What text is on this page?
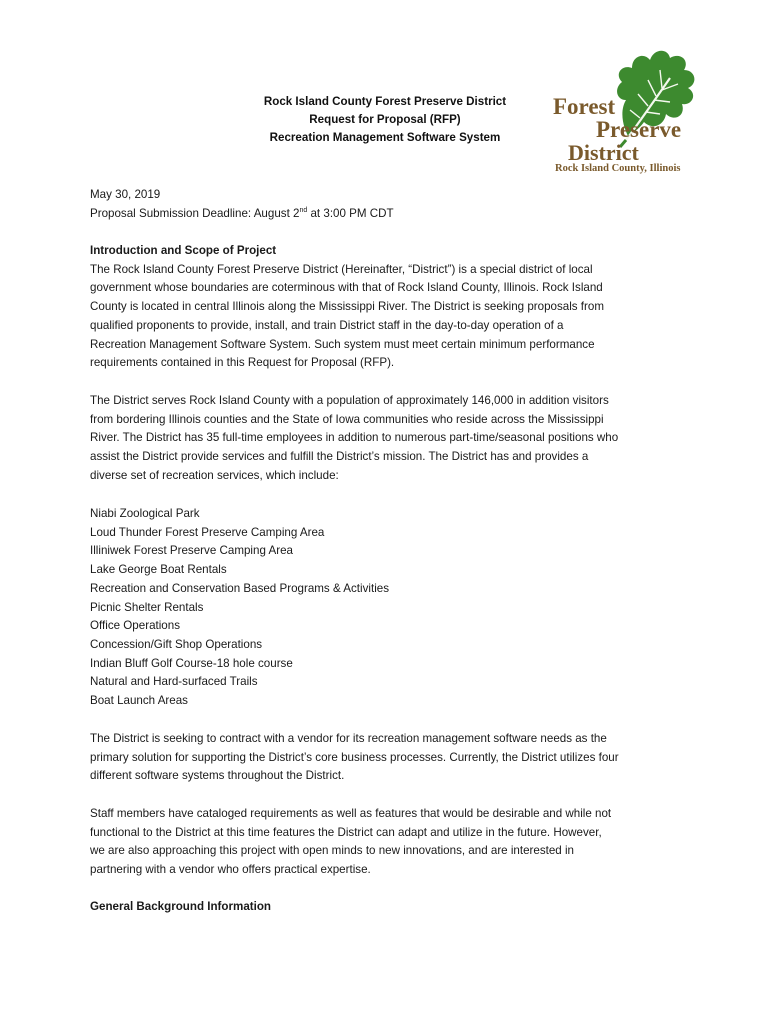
Rock Island County Forest Preserve District
Request for Proposal (RFP)
Recreation Management Software System
Forest
Preserve
District
Rock Island County, Illinois

May 30, 2019

Proposal Submission Deadline: August 2nd at 3:00 PM CDT

Introduction and Scope of Project

The Rock Island County Forest Preserve District (Hereinafter, “District”) is a special district of local

government whose boundaries are coterminous with that of Rock Island County, Illinois. Rock Island

County is located in central Illinois along the Mississippi River. The District is seeking proposals from

qualified proponents to provide, install, and train District staff in the day-to-day operation of a

Recreation Management Software System. Such system must meet certain minimum performance

requirements contained in this Request for Proposal (RFP).

The District serves Rock Island County with a population of approximately 146,000 in addition visitors

from bordering Illinois counties and the State of Iowa communities who reside across the Mississippi

River. The District has 35 full-time employees in addition to numerous part-time/seasonal positions who

assist the District provide services and fulfill the District’s mission. The District has and provides a

diverse set of recreation services, which include:

Niabi Zoological Park

Loud Thunder Forest Preserve Camping Area

Illiniwek Forest Preserve Camping Area

Lake George Boat Rentals

Recreation and Conservation Based Programs & Activities

Picnic Shelter Rentals

Office Operations

Concession/Gift Shop Operations

Indian Bluff Golf Course-18 hole course

Natural and Hard-surfaced Trails

Boat Launch Areas

The District is seeking to contract with a vendor for its recreation management software needs as the

primary solution for supporting the District’s core business processes. Currently, the District utilizes four

different software systems throughout the District.

Staff members have cataloged requirements as well as features that would be desirable and while not

functional to the District at this time features the District can adapt and utilize in the future. However,

we are also approaching this project with open minds to new innovations, and are interested in

partnering with a vendor who offers practical expertise.

General Background Information
